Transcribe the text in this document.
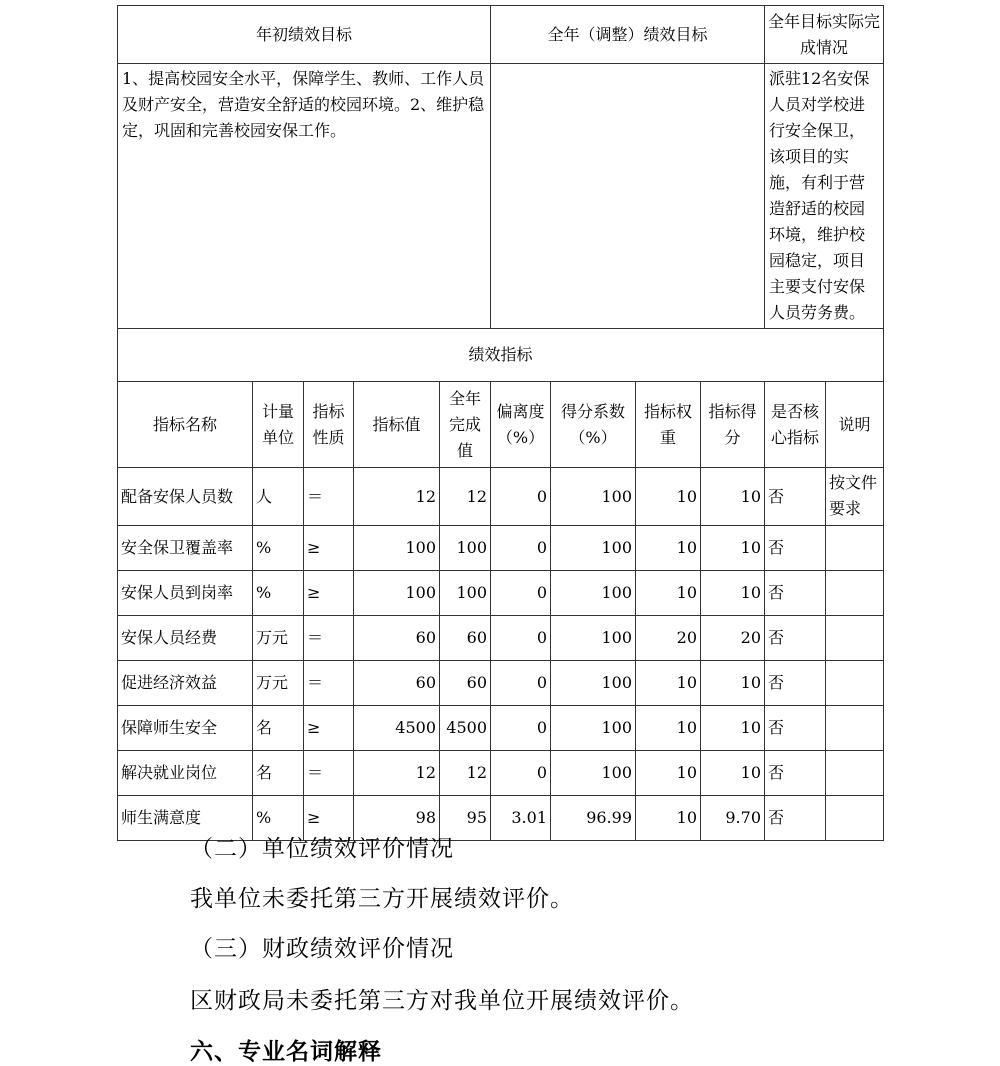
年初绩效目标					全年（调整）绩效目标				全年目标实际完成情况	
1、提高校园安全水平，保障学生、教师、工作人员及财产安全，营造安全舒适的校园环境。2、维护稳定，巩固和完善校园安保工作。									派驻12名安保人员对学校进行安全保卫，该项目的实施，有利于营造舒适的校园环境，维护校园稳定，项目主要支付安保人员劳务费。	
绩效指标										
指标名称	计量单位	指标性质	指标值	全年完成值	偏离度（%）	得分系数（%）	指标权重	指标得分	是否核心指标	说明
配备安保人员数	人	＝	12	12	0	100	10	10	否	按文件要求
安全保卫覆盖率	%	≥	100	100	0	100	10	10	否	
安保人员到岗率	%	≥	100	100	0	100	10	10	否	
安保人员经费	万元	＝	60	60	0	100	20	20	否	
促进经济效益	万元	＝	60	60	0	100	10	10	否	
保障师生安全	名	≥	4500	4500	0	100	10	10	否	
解决就业岗位	名	＝	12	12	0	100	10	10	否	
师生满意度	%	≥	98	95	3.01	96.99	10	9.70	否	
（二）单位绩效评价情况
我单位未委托第三方开展绩效评价。
（三）财政绩效评价情况
区财政局未委托第三方对我单位开展绩效评价。
六、专业名词解释
